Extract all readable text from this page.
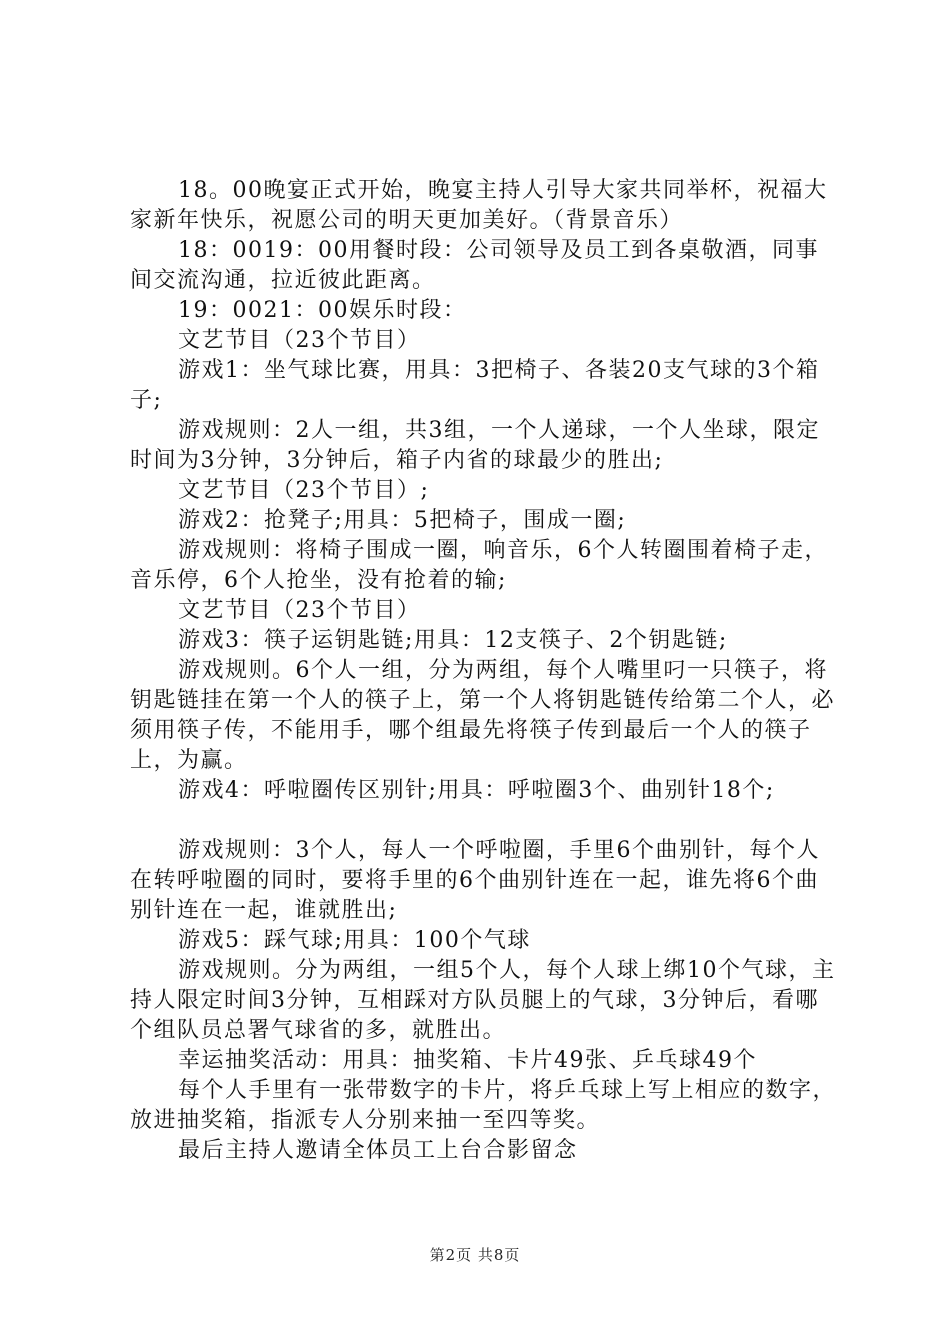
18。00晚宴正式开始，晚宴主持人引导大家共同举杯，祝福大家新年快乐，祝愿公司的明天更加美好。（背景音乐）

18：0019：00用餐时段：公司领导及员工到各桌敬酒，同事间交流沟通，拉近彼此距离。

19：0021：00娱乐时段：

文艺节目（23个节目）

游戏1：坐气球比赛，用具：3把椅子、各装20支气球的3个箱子;

游戏规则：2人一组，共3组，一个人递球，一个人坐球，限定时间为3分钟，3分钟后，箱子内省的球最少的胜出;

文艺节目（23个节目）;

游戏2：抢凳子;用具：5把椅子，围成一圈;

游戏规则：将椅子围成一圈，响音乐，6个人转圈围着椅子走，音乐停，6个人抢坐，没有抢着的输;

文艺节目（23个节目）

游戏3：筷子运钥匙链;用具：12支筷子、2个钥匙链;

游戏规则。6个人一组，分为两组，每个人嘴里叼一只筷子，将钥匙链挂在第一个人的筷子上，第一个人将钥匙链传给第二个人，必须用筷子传，不能用手，哪个组最先将筷子传到最后一个人的筷子上，为赢。

游戏4：呼啦圈传区别针;用具：呼啦圈3个、曲别针18个;

游戏规则：3个人，每人一个呼啦圈，手里6个曲别针，每个人在转呼啦圈的同时，要将手里的6个曲别针连在一起，谁先将6个曲别针连在一起，谁就胜出;

游戏5：踩气球;用具：100个气球

游戏规则。分为两组，一组5个人，每个人球上绑10个气球，主持人限定时间3分钟，互相踩对方队员腿上的气球，3分钟后，看哪个组队员总署气球省的多，就胜出。

幸运抽奖活动：用具：抽奖箱、卡片49张、乒乓球49个

每个人手里有一张带数字的卡片，将乒乓球上写上相应的数字，放进抽奖箱，指派专人分别来抽一至四等奖。

最后主持人邀请全体员工上台合影留念

第2页 共8页
